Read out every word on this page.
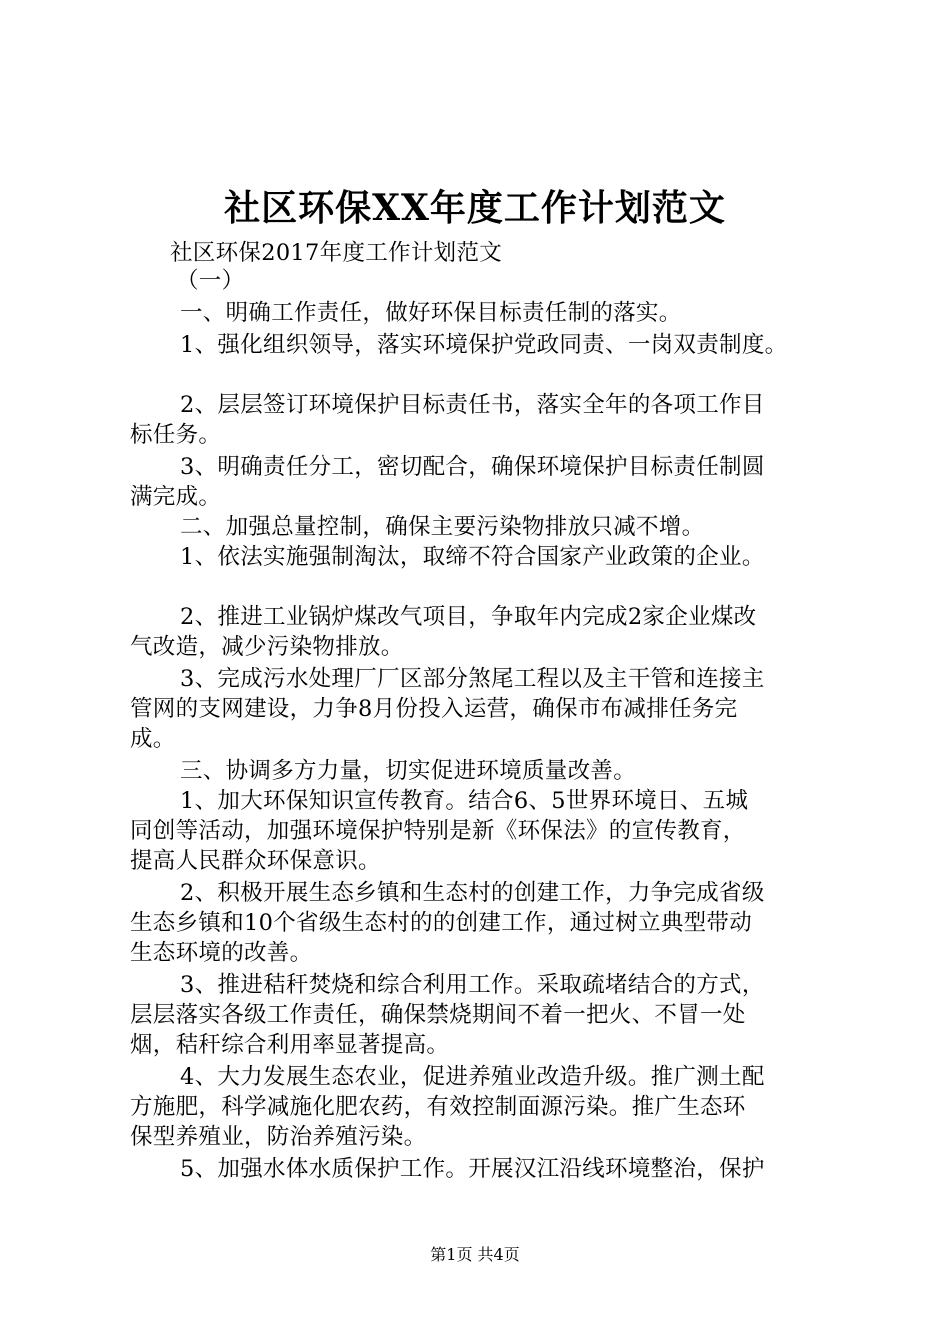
社区环保XX年度工作计划范文
社区环保2017年度工作计划范文
（一）
一、明确工作责任，做好环保目标责任制的落实。
1、强化组织领导，落实环境保护党政同责、一岗双责制度。
2、层层签订环境保护目标责任书，落实全年的各项工作目
标任务。
3、明确责任分工，密切配合，确保环境保护目标责任制圆
满完成。
二、加强总量控制，确保主要污染物排放只减不增。
1、依法实施强制淘汰，取缔不符合国家产业政策的企业。
2、推进工业锅炉煤改气项目，争取年内完成2家企业煤改
气改造，减少污染物排放。
3、完成污水处理厂厂区部分煞尾工程以及主干管和连接主
管网的支网建设，力争8月份投入运营，确保市布减排任务完
成。
三、协调多方力量，切实促进环境质量改善。
1、加大环保知识宣传教育。结合6、5世界环境日、五城
同创等活动，加强环境保护特别是新《环保法》的宣传教育，
提高人民群众环保意识。
2、积极开展生态乡镇和生态村的创建工作，力争完成省级
生态乡镇和10个省级生态村的的创建工作，通过树立典型带动
生态环境的改善。
3、推进秸秆焚烧和综合利用工作。采取疏堵结合的方式，
层层落实各级工作责任，确保禁烧期间不着一把火、不冒一处
烟，秸秆综合利用率显著提高。
4、大力发展生态农业，促进养殖业改造升级。推广测土配
方施肥，科学减施化肥农药，有效控制面源污染。推广生态环
保型养殖业，防治养殖污染。
5、加强水体水质保护工作。开展汉江沿线环境整治，保护
第1页 共4页
